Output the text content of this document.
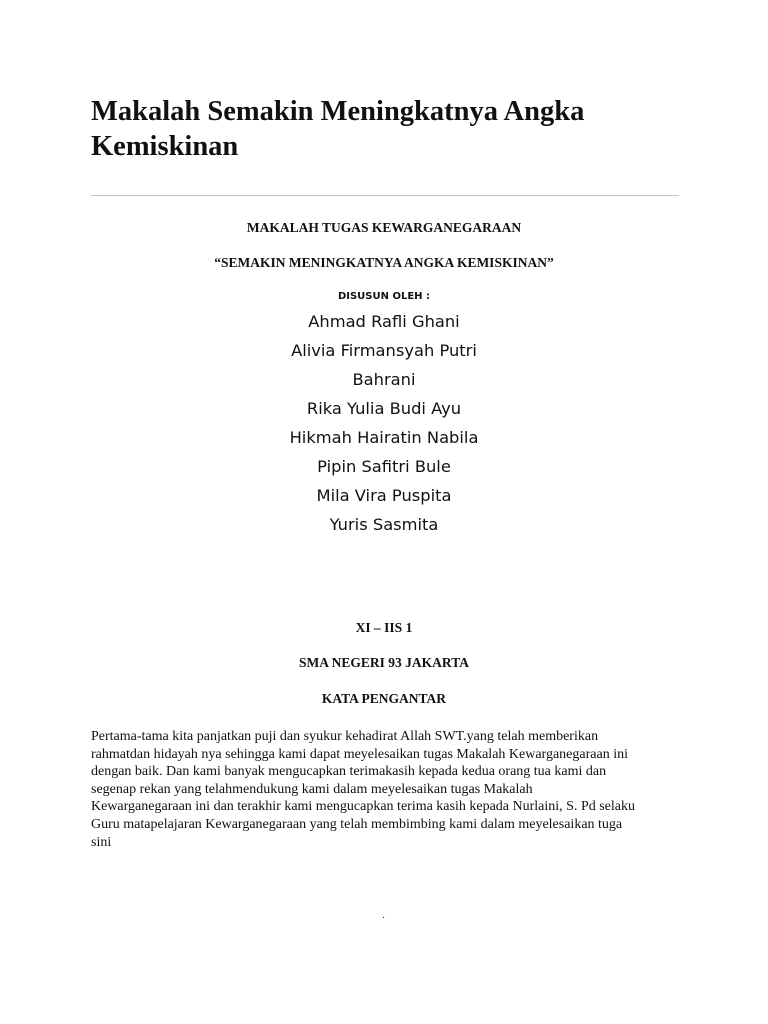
Makalah Semakin Meningkatnya Angka
Kemiskinan
MAKALAH TUGAS KEWARGANEGARAAN
“SEMAKIN MENINGKATNYA ANGKA KEMISKINAN”
DISUSUN OLEH :
Ahmad Rafli Ghani
Alivia Firmansyah Putri
Bahrani
Rika Yulia Budi Ayu
Hikmah Hairatin Nabila
Pipin Safitri Bule
Mila Vira Puspita
Yuris Sasmita
XI – IIS 1
SMA NEGERI 93 JAKARTA
KATA PENGANTAR

Pertama-tama kita panjatkan puji dan syukur kehadirat Allah SWT.yang telah memberikan
rahmatdan hidayah nya sehingga kami dapat meyelesaikan tugas Makalah Kewarganegaraan ini
dengan baik. Dan kami banyak mengucapkan terimakasih kepada kedua orang tua kami dan
segenap rekan yang telahmendukung kami dalam meyelesaikan tugas Makalah
Kewarganegaraan ini dan terakhir kami mengucapkan terima kasih kepada Nurlaini, S. Pd selaku
Guru matapelajaran Kewarganegaraan yang telah membimbing kami dalam meyelesaikan tuga
sini

.
